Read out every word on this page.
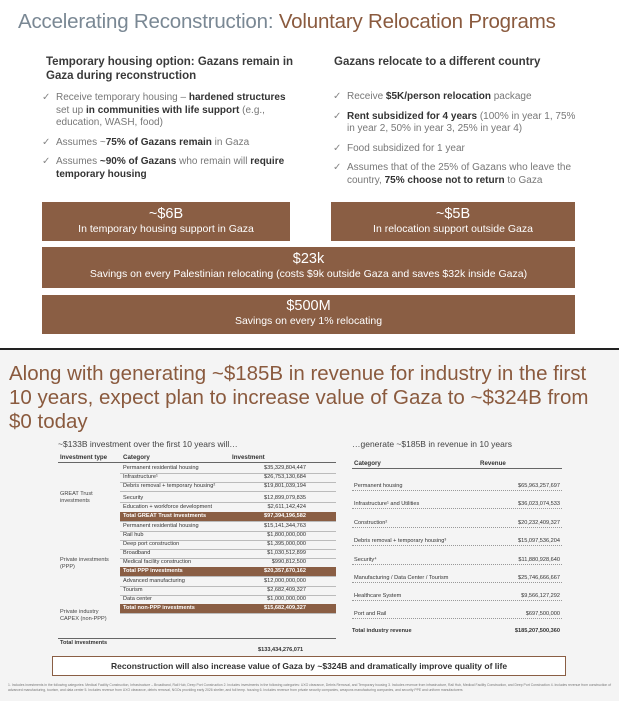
Accelerating Reconstruction: Voluntary Relocation Programs
Temporary housing option: Gazans remain in Gaza during reconstruction
Gazans relocate to a different country
✓ Receive temporary housing – hardened structures set up in communities with life support (e.g., education, WASH, food)
✓ Assumes ~75% of Gazans remain in Gaza
✓ Assumes ~90% of Gazans who remain will require temporary housing
✓ Receive $5K/person relocation package
✓ Rent subsidized for 4 years (100% in year 1, 75% in year 2, 50% in year 3, 25% in year 4)
✓ Food subsidized for 1 year
✓ Assumes that of the 25% of Gazans who leave the country, 75% choose not to return to Gaza
~$6B
In temporary housing support in Gaza
~$5B
In relocation support outside Gaza
$23k
Savings on every Palestinian relocating (costs $9k outside Gaza and saves $32k inside Gaza)
$500M
Savings on every 1% relocating
Along with generating ~$185B in revenue for industry in the first 10 years, expect plan to increase value of Gaza to ~$324B from $0 today
~$133B investment over the first 10 years will…	…generate ~$185B in revenue in 10 years
Investment type	Category	Investment
GREAT Trust investments
Private investments (PPP)
Private industry CAPEX (non-PPP)
Permanent residential housing	$35,329,804,447
Infrastructure¹	$26,753,130,684
Debris removal + temporary housing²	$19,801,039,194
Security	$12,899,079,835
Education + workforce development	$2,611,142,424
Total GREAT Trust investments	$97,394,196,582
Permanent residential housing	$15,141,344,763
Rail hub	$1,800,000,000
Deep port construction	$1,395,000,000
Broadband	$1,030,512,899
Medical facility construction	$990,812,500
Total PPP investments	$20,357,670,162
Advanced manufacturing	$12,000,000,000
Tourism	$2,682,409,327
Data center	$1,000,000,000
Total non-PPP investments	$15,682,409,327
Total investments
$133,434,276,071
Category	Revenue
Permanent housing	$65,963,257,697
Infrastructure¹ and Utilities	$36,023,074,533
Construction²	$20,232,409,327
Debris removal + temporary housing³	$15,097,536,204
Security⁴	$11,880,928,640
Manufacturing / Data Center / Tourism	$25,746,666,667
Healthcare System	$9,566,127,292
Port and Rail	$697,500,000
Total industry revenue	$185,207,500,360
Reconstruction will also increase value of Gaza by ~$324B and dramatically improve quality of life
1. Includes investments in the following categories: Medical Facility Construction, Infrastructure – Broadband, Rail Hub, Deep Port Construction 2. Includes investments in the following categories: UXO clearance, Debris Removal, and Temporary housing 3. Includes revenue from infrastructure, Rail Hub, Medical Facility Construction, and Deep Port Construction 4. Includes revenue from construction of advanced manufacturing, tourism, and data center 5. Includes revenue from UXO clearance, debris removal, NGOs providing early 2026 shelter, and full temp. housing 6. Includes revenue from private security companies, weapons manufacturing companies, and security PPE and uniform manufacturers
